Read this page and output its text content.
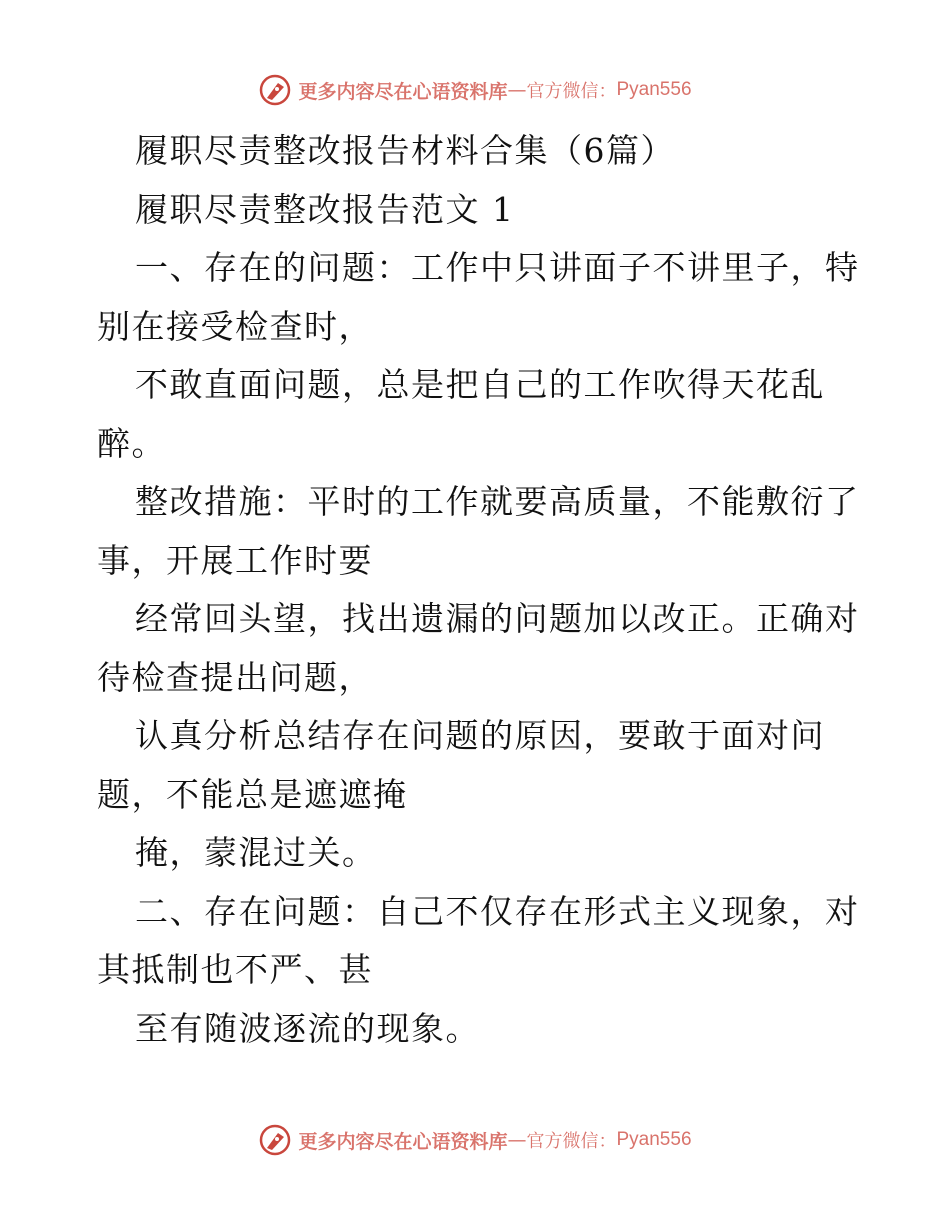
更多内容尽在心语资料库 — 官方微信： Pyan556
履职尽责整改报告材料合集（6篇）
履职尽责整改报告范文 1
一、存在的问题：工作中只讲面子不讲里子，特
别在接受检查时，
不敢直面问题，总是把自己的工作吹得天花乱
醉。
整改措施：平时的工作就要高质量，不能敷衍了
事，开展工作时要
经常回头望，找出遗漏的问题加以改正。正确对
待检查提出问题，
认真分析总结存在问题的原因，要敢于面对问
题，不能总是遮遮掩
掩，蒙混过关。
二、存在问题：自己不仅存在形式主义现象，对
其抵制也不严、甚
至有随波逐流的现象。
更多内容尽在心语资料库 — 官方微信： Pyan556
